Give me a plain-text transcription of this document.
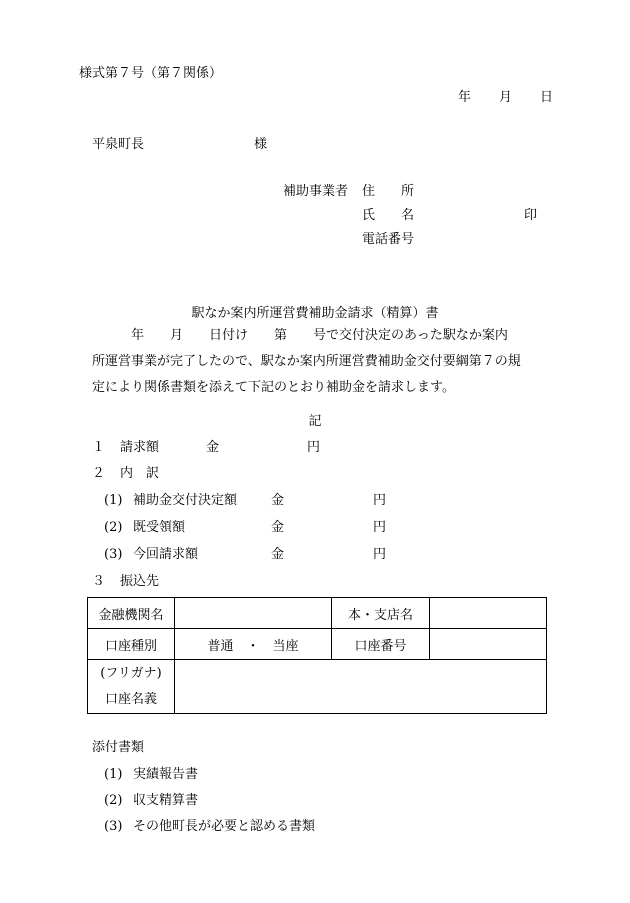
様式第７号（第７関係）
年 月 日
平泉町長	様
補助事業者 住　　所
氏　　名	印
電話番号
駅なか案内所運営費補助金請求（精算）書
　　　年　　月　　日付け　　第　　号で交付決定のあった駅なか案内
所運営事業が完了したので、駅なか案内所運営費補助金交付要綱第７の規
定により関係書類を添えて下記のとおり補助金を請求します。
記
１ 請求額	金	円
２ 内　訳
(1) 補助金交付決定額	金	円
(2) 既受領額	金	円
(3) 今回請求額	金	円
３ 振込先
金融機関名		本・支店名	
口座種別	普通　・　当座	口座番号	

(フリガナ)
口座名義			

添付書類
(1) 実績報告書
(2) 収支精算書
(3) その他町長が必要と認める書類
